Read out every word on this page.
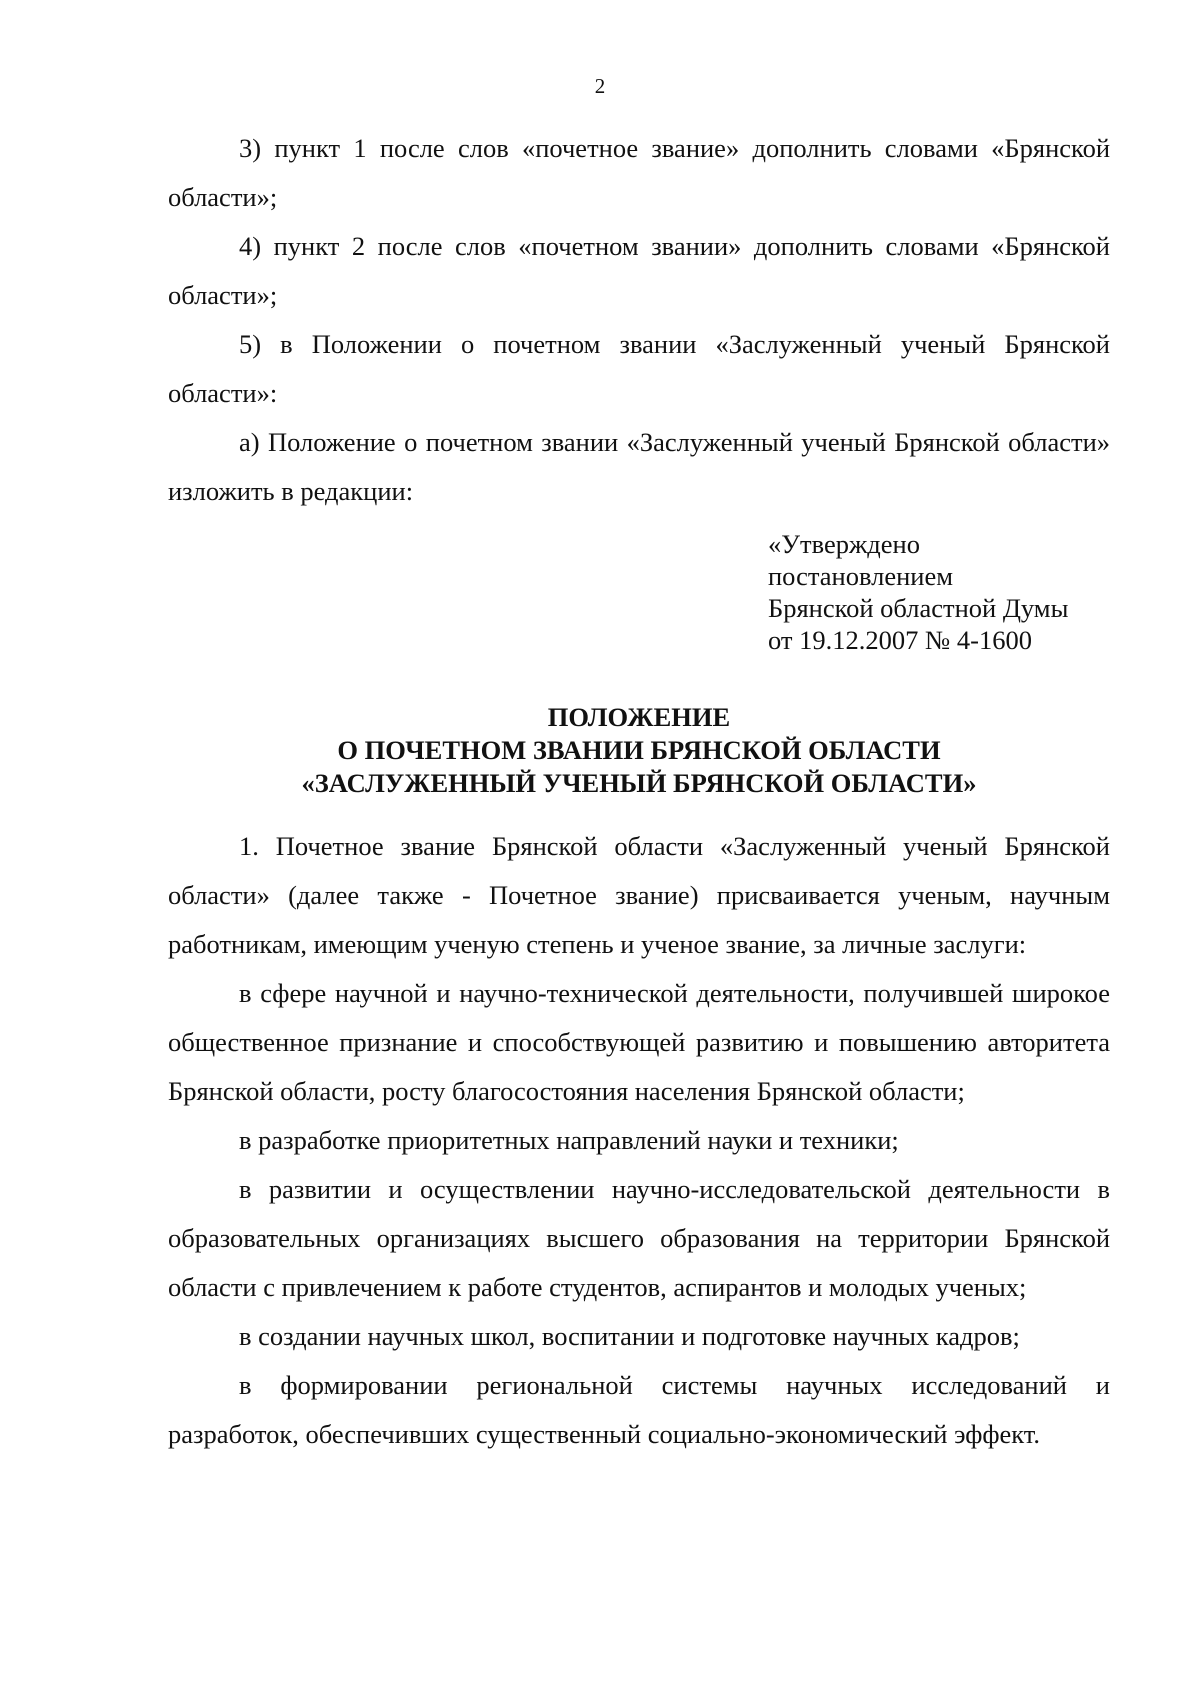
2

3) пункт 1 после слов «почетное звание» дополнить словами «Брянской области»;

4) пункт 2 после слов «почетном звании» дополнить словами «Брянской области»;

5) в Положении о почетном звании «Заслуженный ученый Брянской области»:

а) Положение о почетном звании «Заслуженный ученый Брянской области» изложить в редакции:

«Утверждено
постановлением
Брянской областной Думы
от 19.12.2007 № 4-1600
ПОЛОЖЕНИЕ
О ПОЧЕТНОМ ЗВАНИИ БРЯНСКОЙ ОБЛАСТИ
«ЗАСЛУЖЕННЫЙ УЧЕНЫЙ БРЯНСКОЙ ОБЛАСТИ»

1. Почетное звание Брянской области «Заслуженный ученый Брянской области» (далее также - Почетное звание) присваивается ученым, научным работникам, имеющим ученую степень и ученое звание, за личные заслуги:

в сфере научной и научно-технической деятельности, получившей широкое общественное признание и способствующей развитию и повышению авторитета Брянской области, росту благосостояния населения Брянской области;

в разработке приоритетных направлений науки и техники;

в развитии и осуществлении научно-исследовательской деятельности в образовательных организациях высшего образования на территории Брянской области с привлечением к работе студентов, аспирантов и молодых ученых;

в создании научных школ, воспитании и подготовке научных кадров;

в формировании региональной системы научных исследований и разработок, обеспечивших существенный социально-экономический эффект.
